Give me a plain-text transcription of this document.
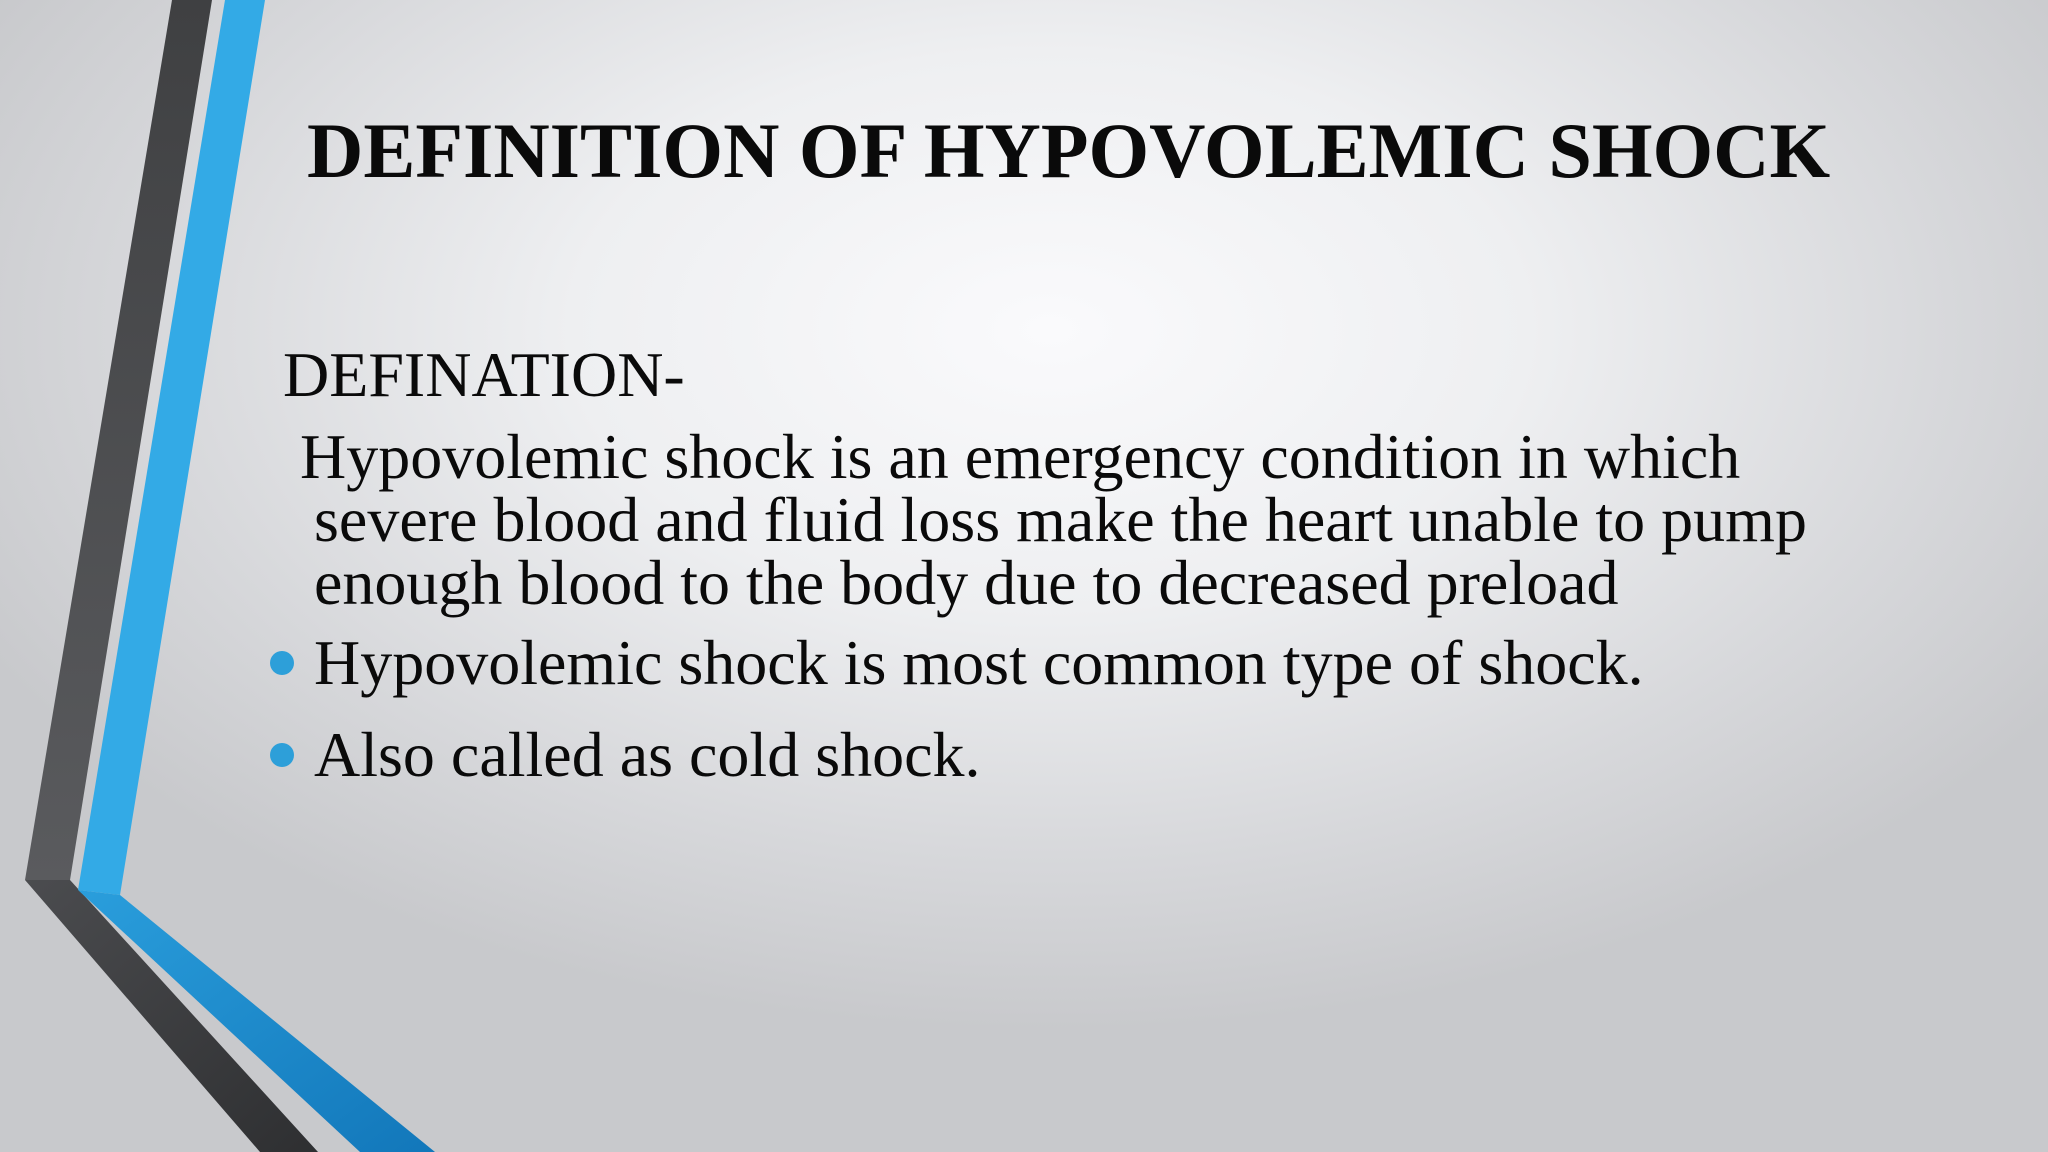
DEFINITION OF HYPOVOLEMIC SHOCK

DEFINATION-

Hypovolemic shock is an emergency condition in which
severe blood and fluid loss make the heart unable to pump
enough blood to the body due to decreased preload

Hypovolemic shock is most common type of shock.
Also called as cold shock.
